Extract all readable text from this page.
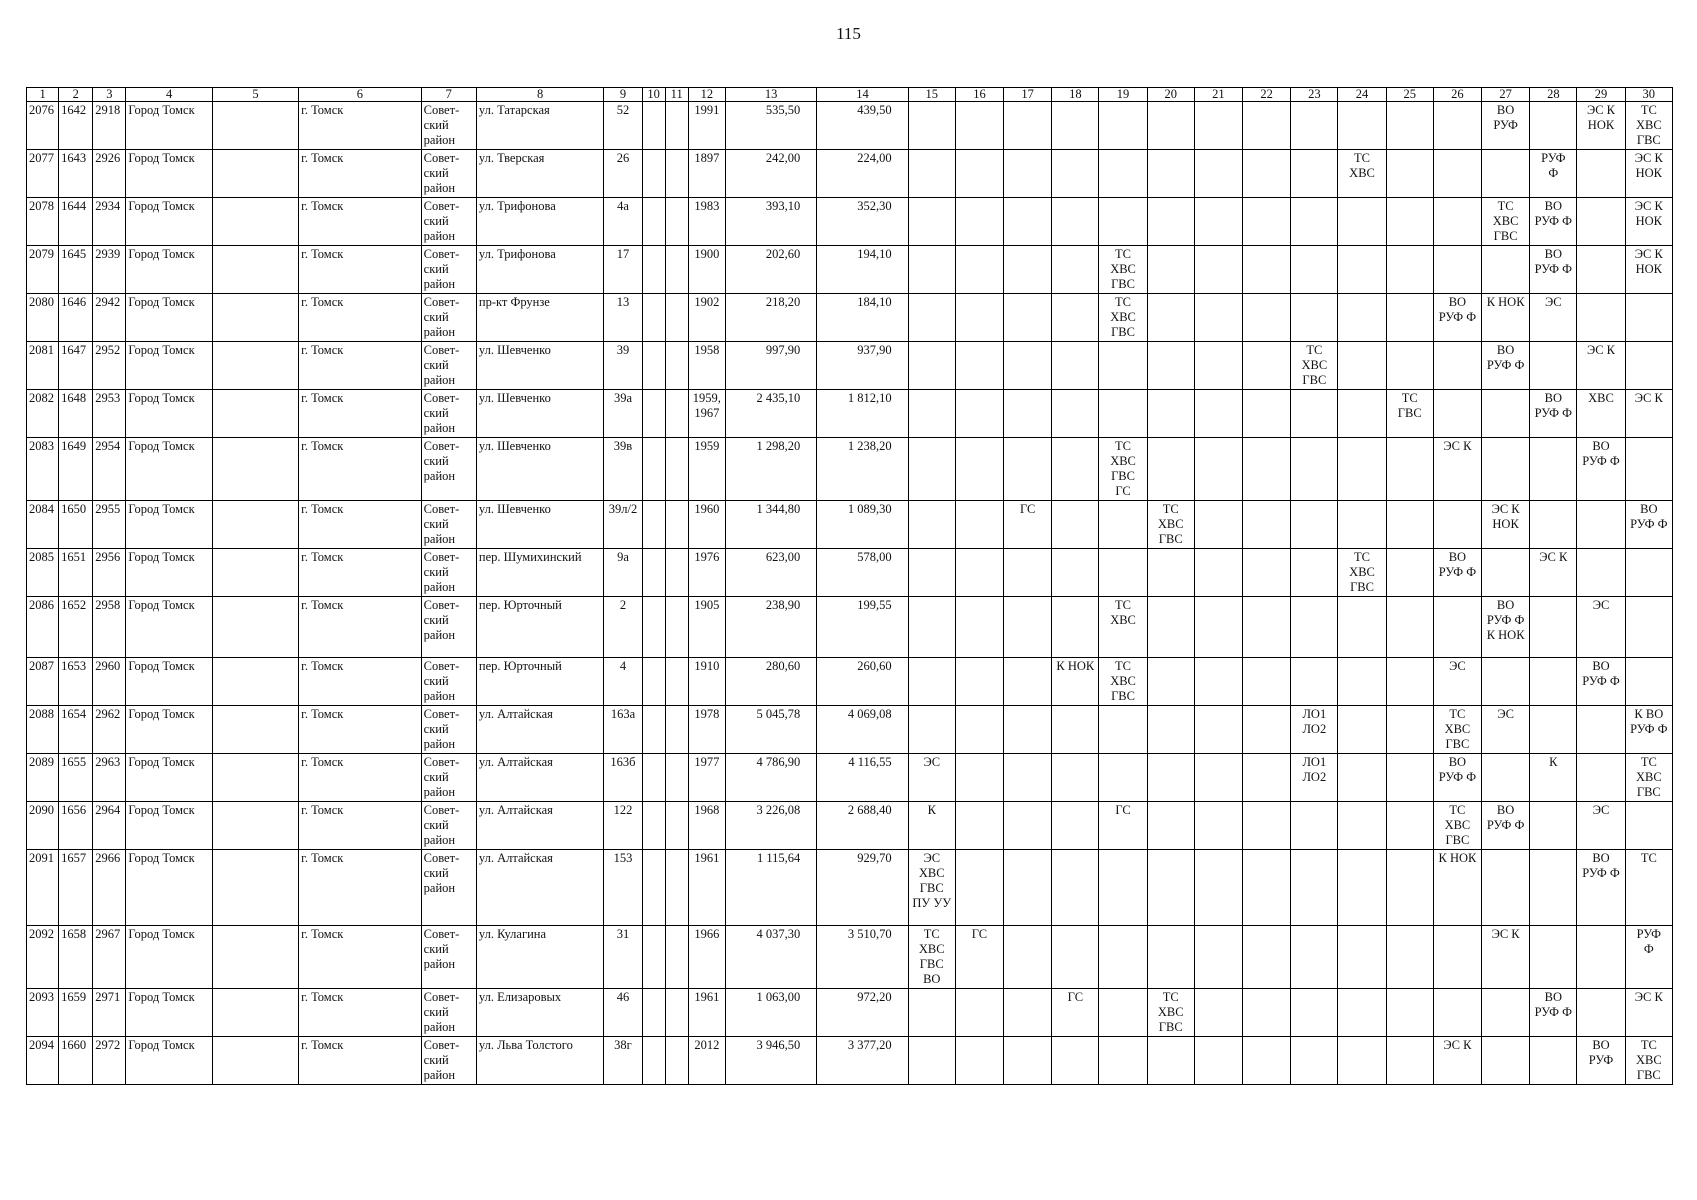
115
1	2	3	4	5	6	7	8	9	10	11	12	13	14	15	16	17	18	19	20	21	22	23	24	25	26	27	28	29	30

2076	1642	2918	Город Томск		г. Томск	Совет-
ский
район	ул. Татарская	52			1991	535,50	439,50													ВО
РУФ		ЭС К
НОК	ТС
ХВС
ГВС

2077	1643	2926	Город Томск		г. Томск	Совет-
ский
район	ул. Тверская	26			1897	242,00	224,00										ТС
ХВС				РУФ
Ф		ЭС К
НОК

2078	1644	2934	Город Томск		г. Томск	Совет-
ский
район	ул. Трифонова	4а			1983	393,10	352,30													ТС
ХВС
ГВС	ВО
РУФ Ф		ЭС К
НОК

2079	1645	2939	Город Томск		г. Томск	Совет-
ский
район	ул. Трифонова	17			1900	202,60	194,10					ТС
ХВС
ГВС									ВО
РУФ Ф		ЭС К
НОК

2080	1646	2942	Город Томск		г. Томск	Совет-
ский
район	пр-кт Фрунзе	13			1902	218,20	184,10					ТС
ХВС
ГВС							ВО
РУФ Ф	К НОК	ЭС		

2081	1647	2952	Город Томск		г. Томск	Совет-
ский
район	ул. Шевченко	39			1958	997,90	937,90									ТС
ХВС
ГВС				ВО
РУФ Ф		ЭС К	

2082	1648	2953	Город Томск		г. Томск	Совет-
ский
район	ул. Шевченко	39а			1959,
1967	2 435,10	1 812,10											ТС
ГВС			ВО
РУФ Ф	ХВС	ЭС К

2083	1649	2954	Город Томск		г. Томск	Совет-
ский
район	ул. Шевченко	39в			1959	1 298,20	1 238,20					ТС
ХВС
ГВС
ГС							ЭС К			ВО
РУФ Ф	

2084	1650	2955	Город Томск		г. Томск	Совет-
ский
район	ул. Шевченко	39л/2			1960	1 344,80	1 089,30			ГС			ТС
ХВС
ГВС							ЭС К
НОК			ВО
РУФ Ф

2085	1651	2956	Город Томск		г. Томск	Совет-
ский
район	пер. Шумихинский	9а			1976	623,00	578,00										ТС
ХВС
ГВС		ВО
РУФ Ф		ЭС К		

2086	1652	2958	Город Томск		г. Томск	Совет-
ский
район	пер. Юрточный	2			1905	238,90	199,55					ТС
ХВС								ВО
РУФ Ф
К НОК		ЭС	

2087	1653	2960	Город Томск		г. Томск	Совет-
ский
район	пер. Юрточный	4			1910	280,60	260,60				К НОК	ТС
ХВС
ГВС							ЭС			ВО
РУФ Ф	

2088	1654	2962	Город Томск		г. Томск	Совет-
ский
район	ул. Алтайская	163а			1978	5 045,78	4 069,08									ЛО1
ЛО2			ТС
ХВС
ГВС	ЭС			К ВО
РУФ Ф

2089	1655	2963	Город Томск		г. Томск	Совет-
ский
район	ул. Алтайская	163б			1977	4 786,90	4 116,55	ЭС								ЛО1
ЛО2			ВО
РУФ Ф		К		ТС
ХВС
ГВС

2090	1656	2964	Город Томск		г. Томск	Совет-
ский
район	ул. Алтайская	122			1968	3 226,08	2 688,40	К				ГС							ТС
ХВС
ГВС	ВО
РУФ Ф		ЭС	

2091	1657	2966	Город Томск		г. Томск	Совет-
ский
район	ул. Алтайская	153			1961	1 115,64	929,70	ЭС
ХВС
ГВС
ПУ УУ											К НОК			ВО
РУФ Ф	ТС

2092	1658	2967	Город Томск		г. Томск	Совет-
ский
район	ул. Кулагина	31			1966	4 037,30	3 510,70	ТС
ХВС
ГВС
ВО	ГС											ЭС К			РУФ
Ф

2093	1659	2971	Город Томск		г. Томск	Совет-
ский
район	ул. Елизаровых	46			1961	1 063,00	972,20				ГС		ТС
ХВС
ГВС								ВО
РУФ Ф		ЭС К

2094	1660	2972	Город Томск		г. Томск	Совет-
ский
район	ул. Льва Толстого	38г			2012	3 946,50	3 377,20												ЭС К			ВО
РУФ	ТС
ХВС
ГВС
